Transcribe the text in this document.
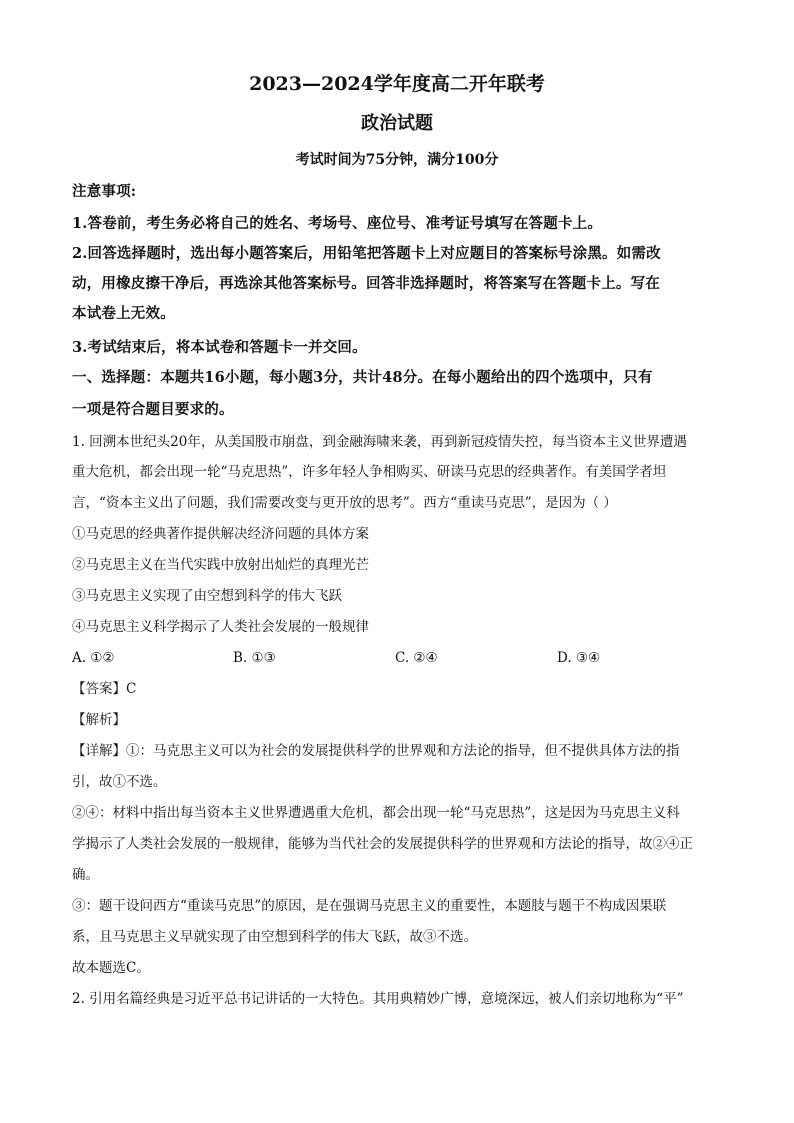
2023—2024学年度高二开年联考
政治试题
考试时间为75分钟，满分100分
注意事项:
1.答卷前，考生务必将自己的姓名、考场号、座位号、准考证号填写在答题卡上。
2.回答选择题时，选出每小题答案后，用铅笔把答题卡上对应题目的答案标号涂黑。如需改
动，用橡皮擦干净后，再选涂其他答案标号。回答非选择题时，将答案写在答题卡上。写在
本试卷上无效。
3.考试结束后，将本试卷和答题卡一并交回。
一、选择题：本题共16小题，每小题3分，共计48分。在每小题给出的四个选项中，只有
一项是符合题目要求的。
1. 回溯本世纪头20年，从美国股市崩盘，到金融海啸来袭，再到新冠疫情失控，每当资本主义世界遭遇
重大危机，都会出现一轮“马克思热”，许多年轻人争相购买、研读马克思的经典著作。有美国学者坦
言，“资本主义出了问题，我们需要改变与更开放的思考”。西方“重读马克思”，是因为（ ）
①马克思的经典著作提供解决经济问题的具体方案
②马克思主义在当代实践中放射出灿烂的真理光芒
③马克思主义实现了由空想到科学的伟大飞跃
④马克思主义科学揭示了人类社会发展的一般规律
A. ①②	B. ①③	C. ②④	D. ③④
【答案】C
【解析】
【详解】①：马克思主义可以为社会的发展提供科学的世界观和方法论的指导，但不提供具体方法的指
引，故①不选。
②④：材料中指出每当资本主义世界遭遇重大危机，都会出现一轮“马克思热”，这是因为马克思主义科
学揭示了人类社会发展的一般规律，能够为当代社会的发展提供科学的世界观和方法论的指导，故②④正
确。
③：题干设问西方“重读马克思”的原因，是在强调马克思主义的重要性，本题肢与题干不构成因果联
系，且马克思主义早就实现了由空想到科学的伟大飞跃，故③不选。
故本题选C。
2. 引用名篇经典是习近平总书记讲话的一大特色。其用典精妙广博，意境深远，被人们亲切地称为“平”
